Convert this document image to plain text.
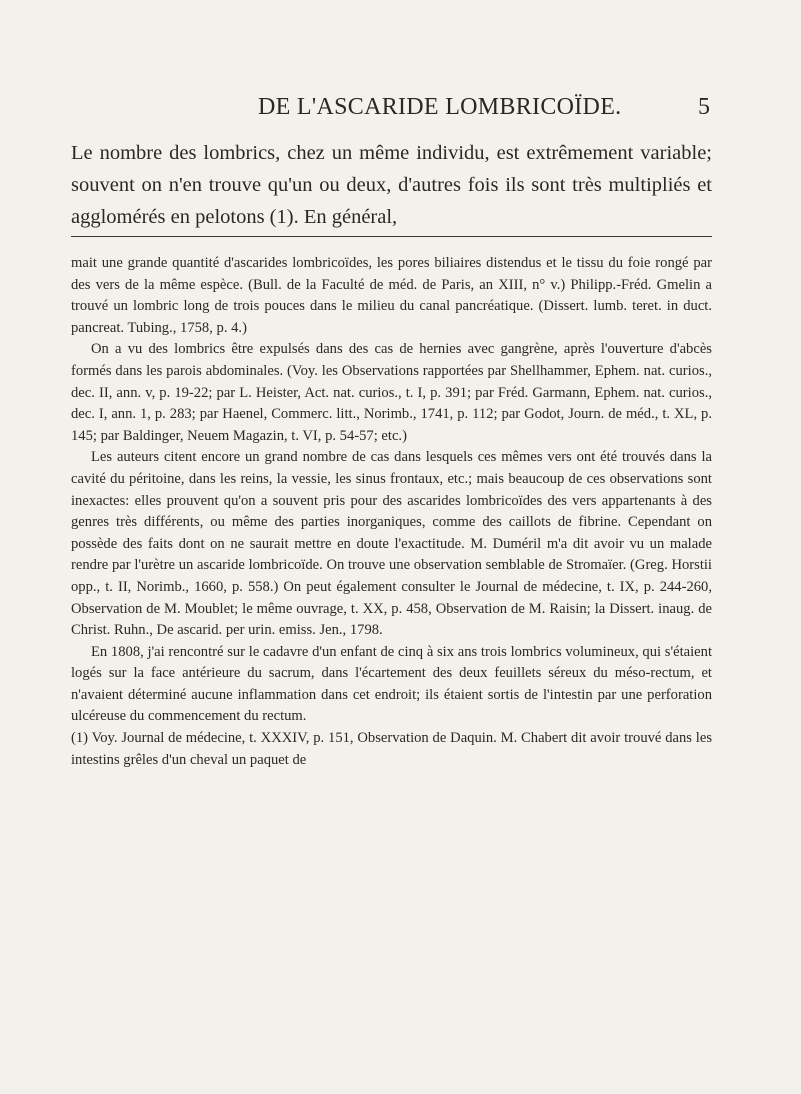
DE L'ASCARIDE LOMBRICOÏDE.	5

Le nombre des lombrics, chez un même individu, est extrêmement variable; souvent on n'en trouve qu'un ou deux, d'autres fois ils sont très multipliés et agglomérés en pelotons (1). En général,

mait une grande quantité d'ascarides lombricoïdes, les pores biliaires distendus et le tissu du foie rongé par des vers de la même espèce. (Bull. de la Faculté de méd. de Paris, an XIII, n° v.) Philipp.-Fréd. Gmelin a trouvé un lombric long de trois pouces dans le milieu du canal pancréatique. (Dissert. lumb. teret. in duct. pancreat. Tubing., 1758, p. 4.)

On a vu des lombrics être expulsés dans des cas de hernies avec gangrène, après l'ouverture d'abcès formés dans les parois abdominales. (Voy. les Observations rapportées par Shellhammer, Ephem. nat. curios., dec. II, ann. v, p. 19-22; par L. Heister, Act. nat. curios., t. I, p. 391; par Fréd. Garmann, Ephem. nat. curios., dec. I, ann. 1, p. 283; par Haenel, Commerc. litt., Norimb., 1741, p. 112; par Godot, Journ. de méd., t. XL, p. 145; par Baldinger, Neuem Magazin, t. VI, p. 54-57; etc.)

Les auteurs citent encore un grand nombre de cas dans lesquels ces mêmes vers ont été trouvés dans la cavité du péritoine, dans les reins, la vessie, les sinus frontaux, etc.; mais beaucoup de ces observations sont inexactes: elles prouvent qu'on a souvent pris pour des ascarides lombricoïdes des vers appartenants à des genres très différents, ou même des parties inorganiques, comme des caillots de fibrine. Cependant on possède des faits dont on ne saurait mettre en doute l'exactitude. M. Duméril m'a dit avoir vu un malade rendre par l'urètre un ascaride lombricoïde. On trouve une observation semblable de Stromaïer. (Greg. Horstii opp., t. II, Norimb., 1660, p. 558.) On peut également consulter le Journal de médecine, t. IX, p. 244-260, Observation de M. Moublet; le même ouvrage, t. XX, p. 458, Observation de M. Raisin; la Dissert. inaug. de Christ. Ruhn., De ascarid. per urin. emiss. Jen., 1798.

En 1808, j'ai rencontré sur le cadavre d'un enfant de cinq à six ans trois lombrics volumineux, qui s'étaient logés sur la face antérieure du sacrum, dans l'écartement des deux feuillets séreux du méso-rectum, et n'avaient déterminé aucune inflammation dans cet endroit; ils étaient sortis de l'intestin par une perforation ulcéreuse du commencement du rectum.

(1) Voy. Journal de médecine, t. XXXIV, p. 151, Observation de Daquin. M. Chabert dit avoir trouvé dans les intestins grêles d'un cheval un paquet de
